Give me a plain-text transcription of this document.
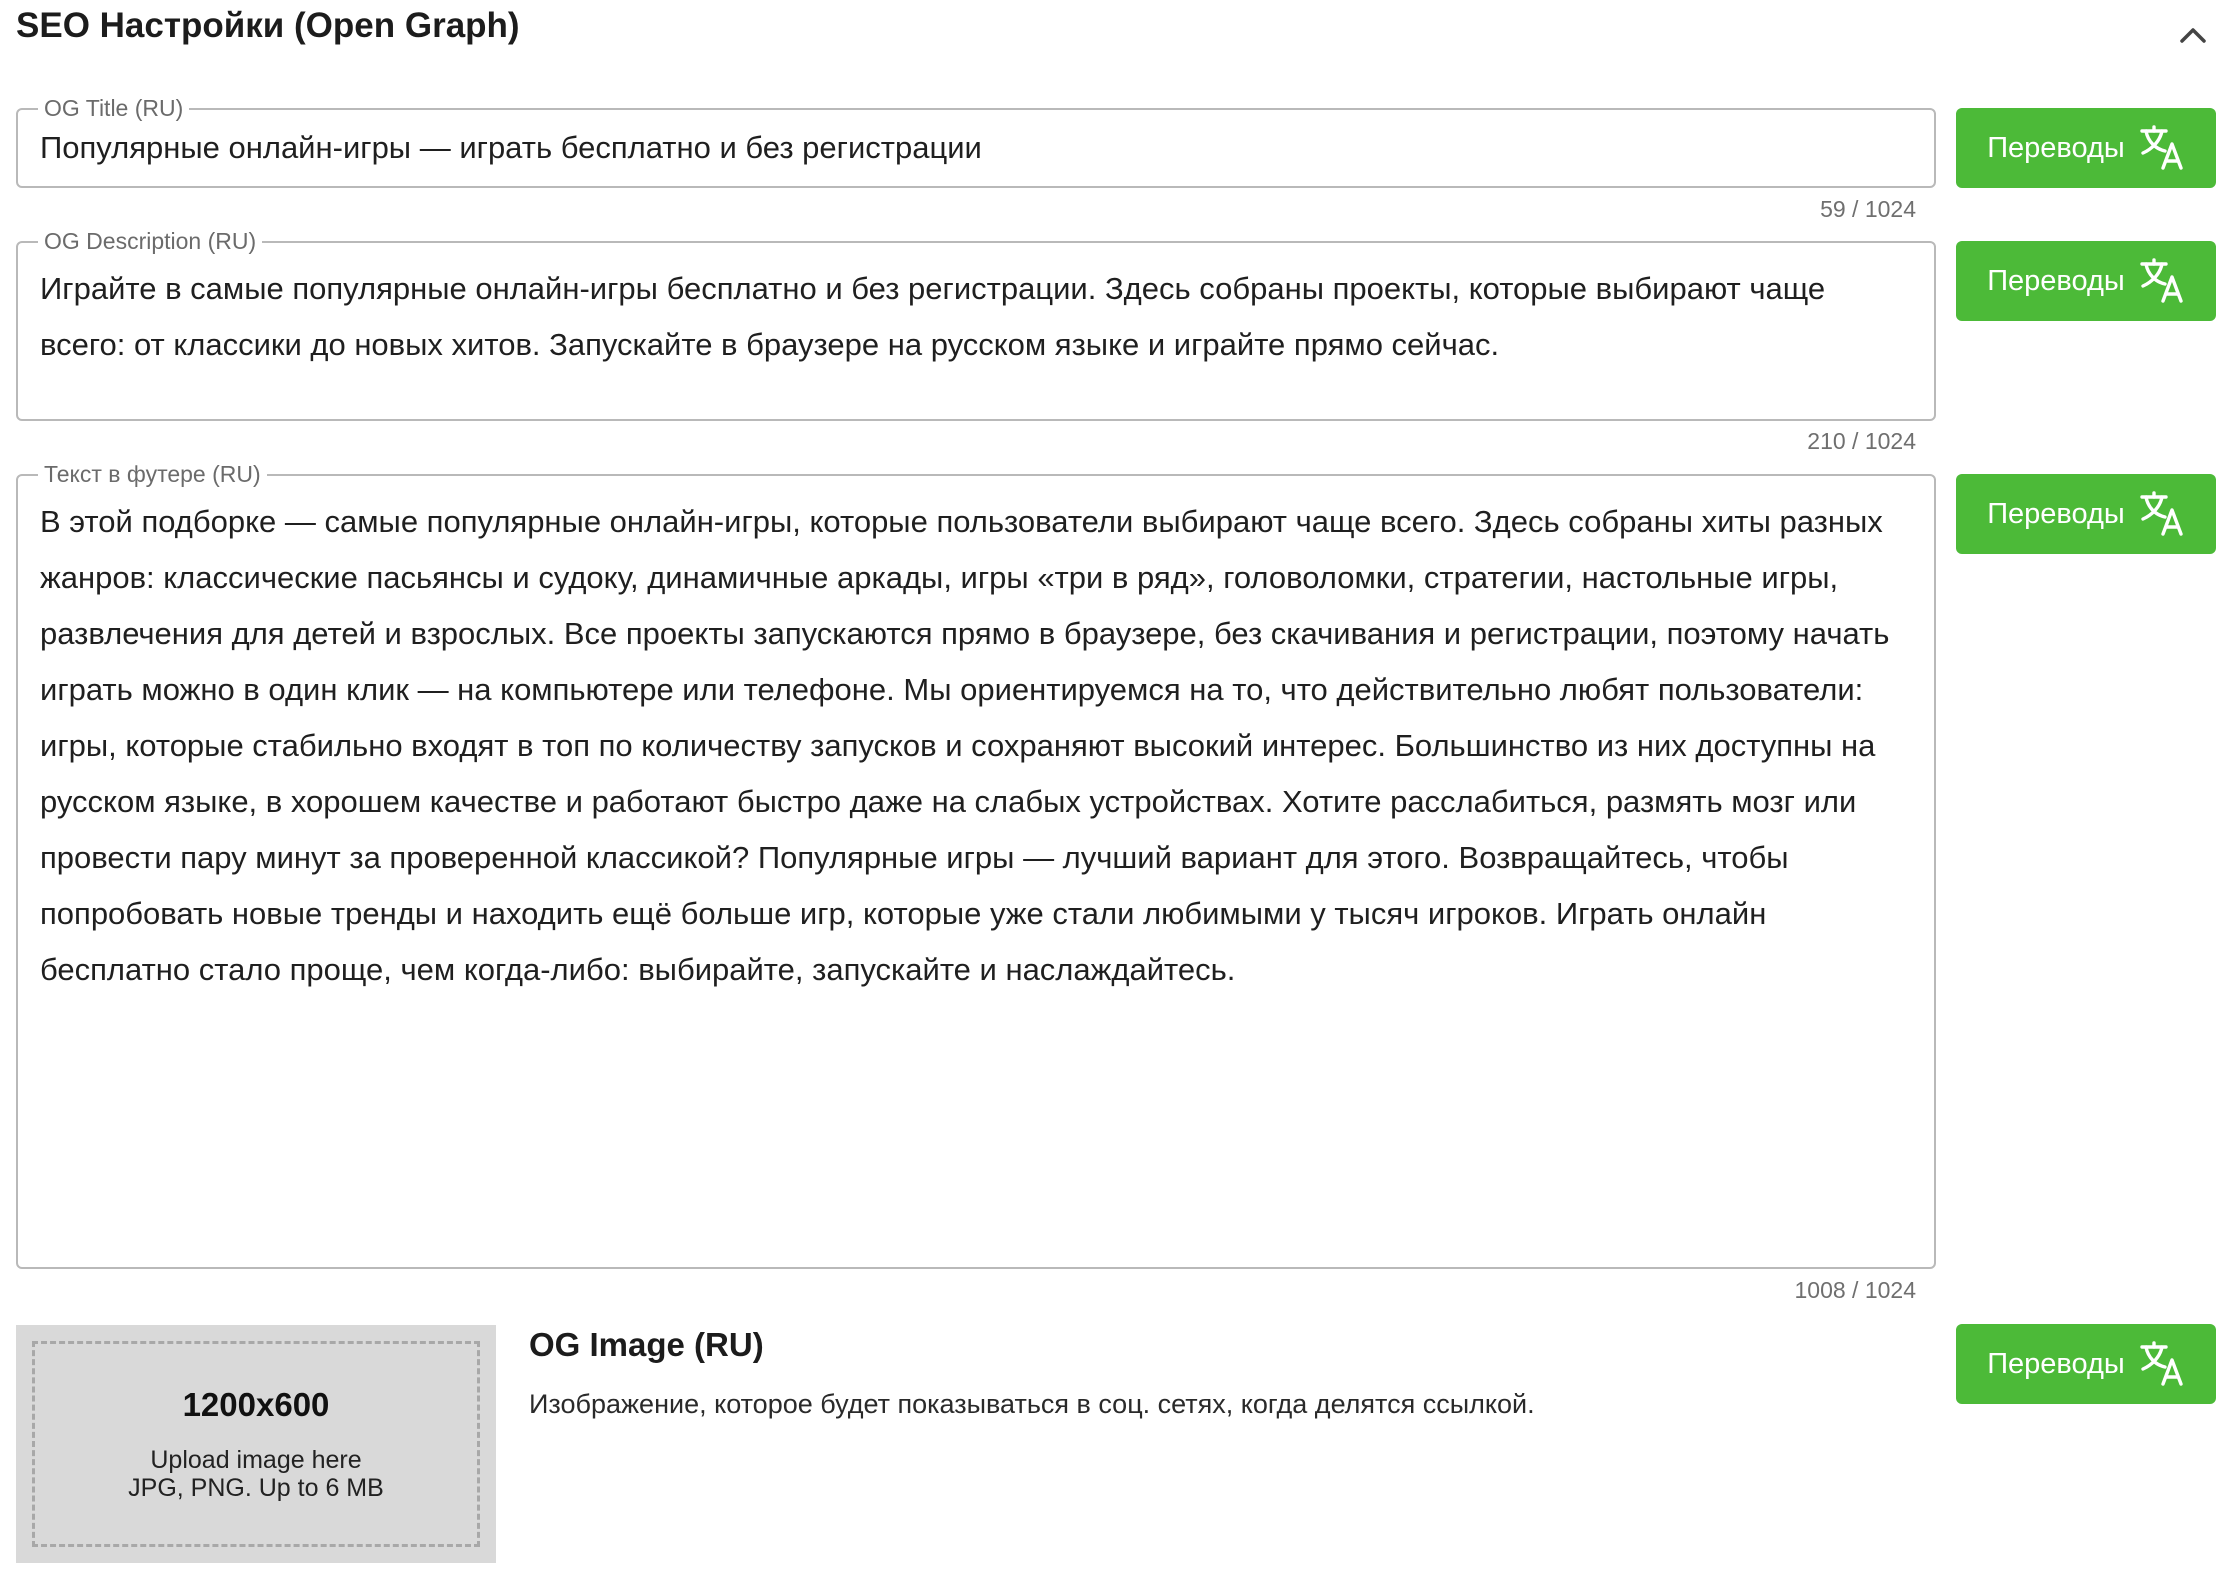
SEO Настройки (Open Graph)
OG Title (RU)
Популярные онлайн-игры — играть бесплатно и без регистрации
59 / 1024
Переводы
OG Description (RU)
Играйте в самые популярные онлайн-игры бесплатно и без регистрации. Здесь собраны проекты, которые выбирают чаще всего: от классики до новых хитов. Запускайте в браузере на русском языке и играйте прямо сейчас.
210 / 1024
Переводы
Текст в футере (RU)
В этой подборке — самые популярные онлайн-игры, которые пользователи выбирают чаще всего. Здесь собраны хиты разных жанров: классические пасьянсы и судоку, динамичные аркады, игры «три в ряд», головоломки, стратегии, настольные игры, развлечения для детей и взрослых. Все проекты запускаются прямо в браузере, без скачивания и регистрации, поэтому начать играть можно в один клик — на компьютере или телефоне. Мы ориентируемся на то, что действительно любят пользователи: игры, которые стабильно входят в топ по количеству запусков и сохраняют высокий интерес. Большинство из них доступны на русском языке, в хорошем качестве и работают быстро даже на слабых устройствах. Хотите расслабиться, размять мозг или провести пару минут за проверенной классикой? Популярные игры — лучший вариант для этого. Возвращайтесь, чтобы попробовать новые тренды и находить ещё больше игр, которые уже стали любимыми у тысяч игроков. Играть онлайн бесплатно стало проще, чем когда-либо: выбирайте, запускайте и наслаждайтесь.
1008 / 1024
Переводы
1200x600
Upload image here
JPG, PNG. Up to 6 MB
OG Image (RU)
Изображение, которое будет показываться в соц. сетях, когда делятся ссылкой.
Переводы
